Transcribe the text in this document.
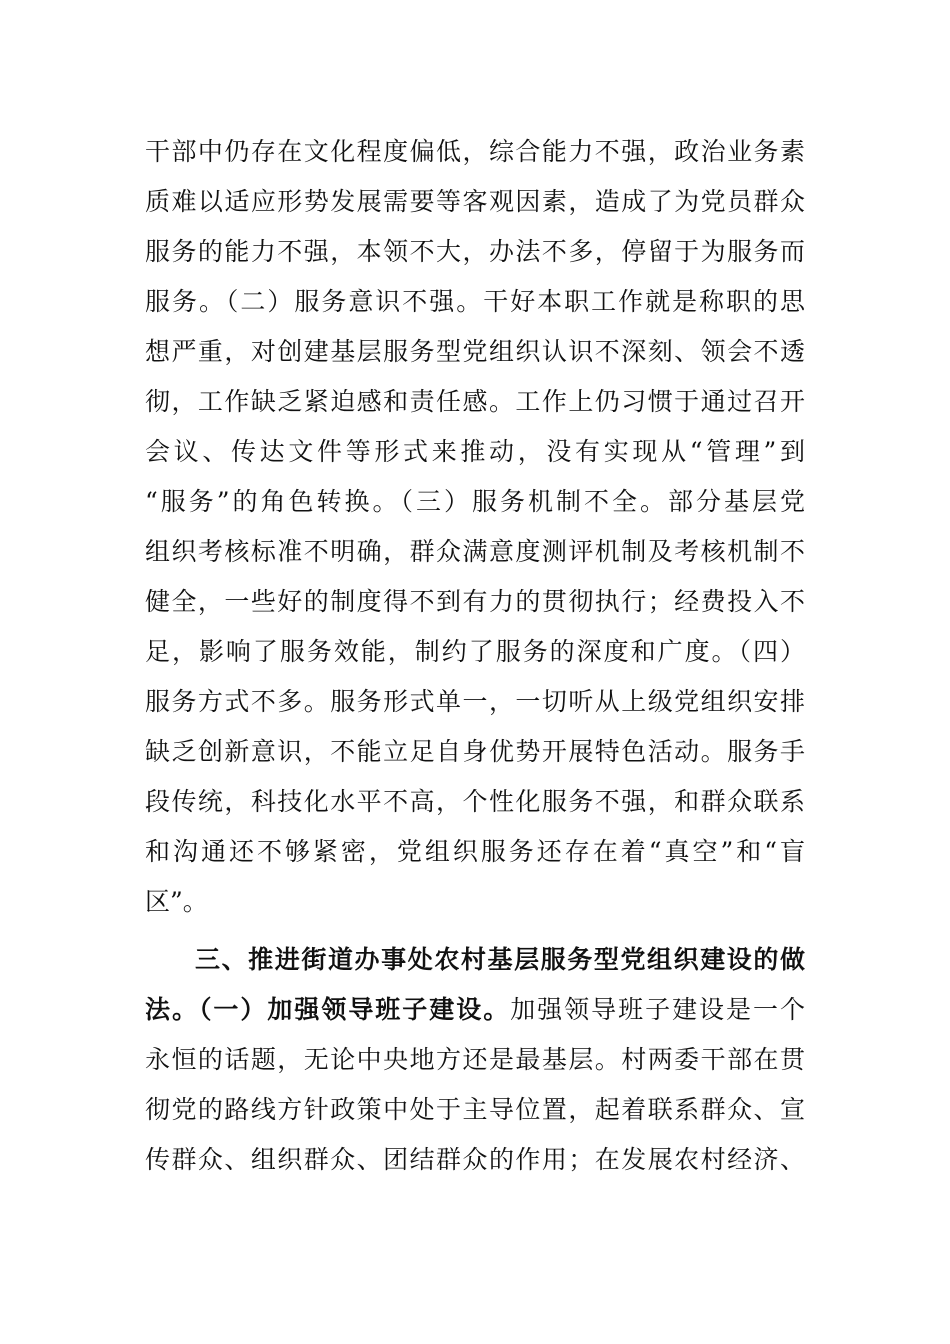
干部中仍存在文化程度偏低，综合能力不强，政治业务素
质难以适应形势发展需要等客观因素，造成了为党员群众
服务的能力不强，本领不大，办法不多，停留于为服务而
服务。（二）服务意识不强。干好本职工作就是称职的思
想严重，对创建基层服务型党组织认识不深刻、领会不透
彻，工作缺乏紧迫感和责任感。工作上仍习惯于通过召开
会议、传达文件等形式来推动，没有实现从“管理”到
“服务”的角色转换。（三）服务机制不全。部分基层党
组织考核标准不明确，群众满意度测评机制及考核机制不
健全，一些好的制度得不到有力的贯彻执行；经费投入不
足，影响了服务效能，制约了服务的深度和广度。（四）
服务方式不多。服务形式单一，一切听从上级党组织安排
缺乏创新意识，不能立足自身优势开展特色活动。服务手
段传统，科技化水平不高，个性化服务不强，和群众联系
和沟通还不够紧密，党组织服务还存在着“真空”和“盲
区”。
三、推进街道办事处农村基层服务型党组织建设的做
法。（一）加强领导班子建设。加强领导班子建设是一个
永恒的话题，无论中央地方还是最基层。村两委干部在贯
彻党的路线方针政策中处于主导位置，起着联系群众、宣
传群众、组织群众、团结群众的作用；在发展农村经济、
